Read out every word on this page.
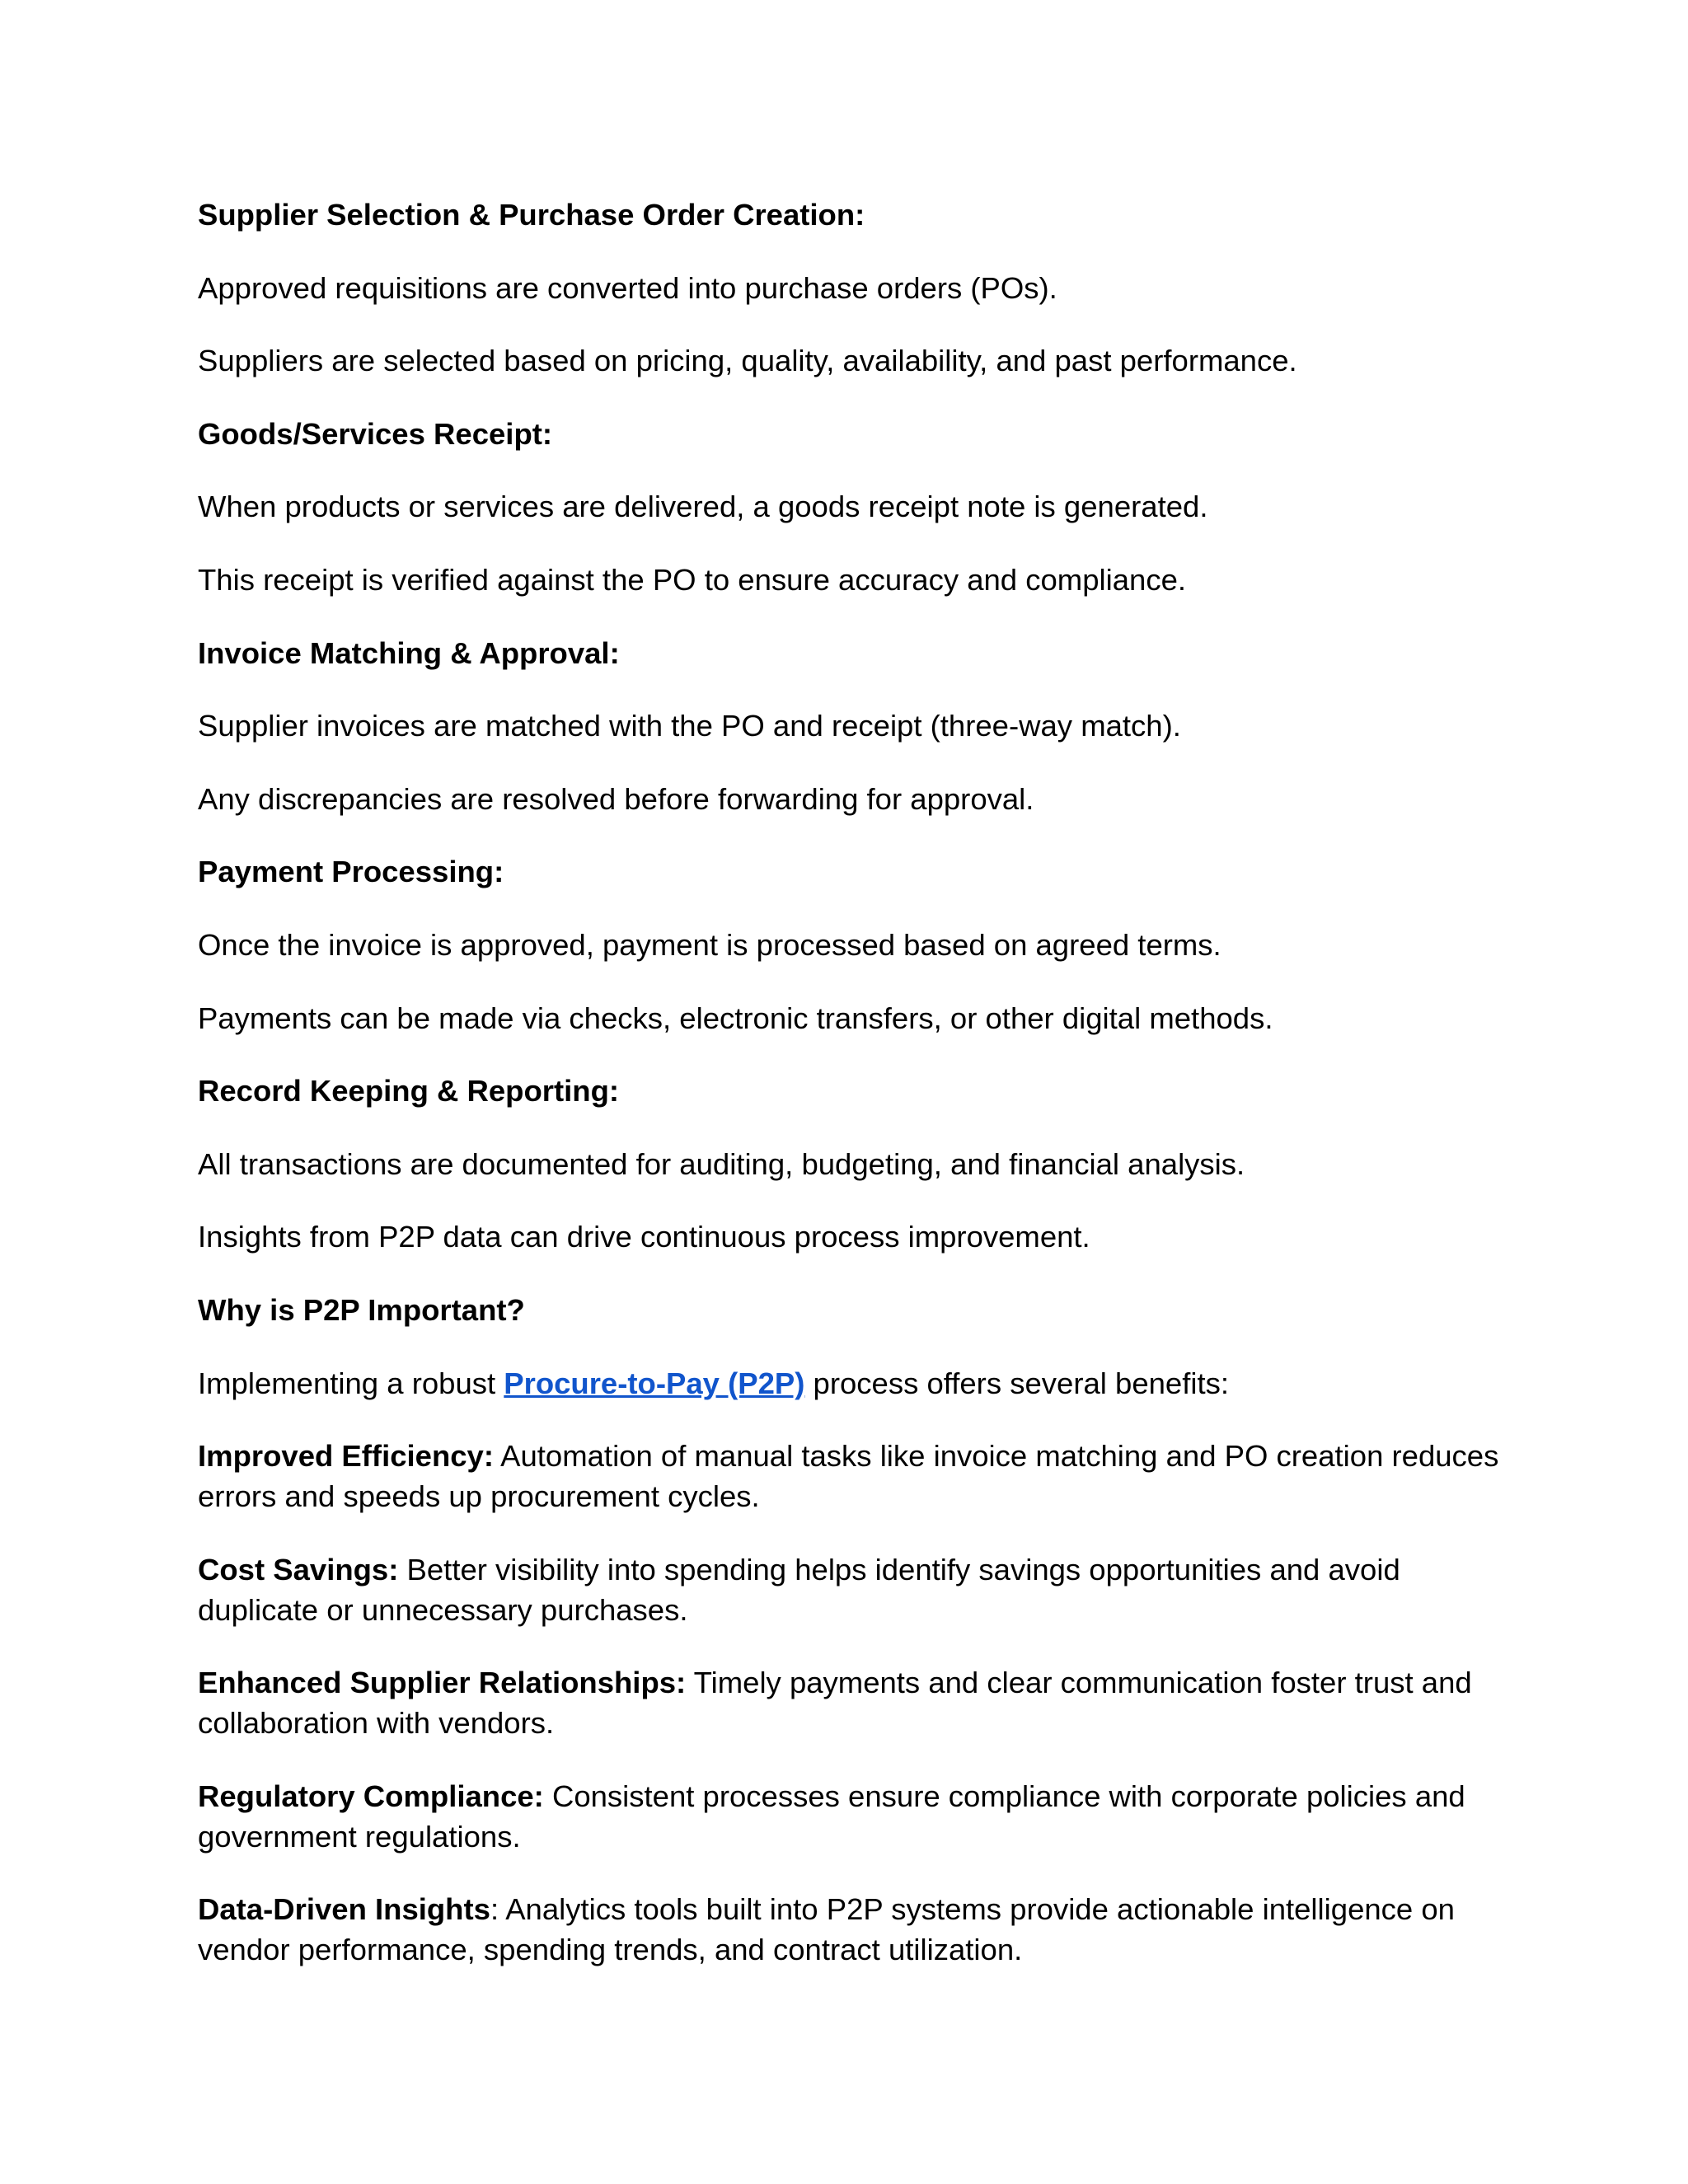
Supplier Selection & Purchase Order Creation:

Approved requisitions are converted into purchase orders (POs).

Suppliers are selected based on pricing, quality, availability, and past performance.

Goods/Services Receipt:

When products or services are delivered, a goods receipt note is generated.

This receipt is verified against the PO to ensure accuracy and compliance.

Invoice Matching & Approval:

Supplier invoices are matched with the PO and receipt (three-way match).

Any discrepancies are resolved before forwarding for approval.

Payment Processing:

Once the invoice is approved, payment is processed based on agreed terms.

Payments can be made via checks, electronic transfers, or other digital methods.

Record Keeping & Reporting:

All transactions are documented for auditing, budgeting, and financial analysis.

Insights from P2P data can drive continuous process improvement.

Why is P2P Important?

Implementing a robust Procure-to-Pay (P2P) process offers several benefits:

Improved Efficiency: Automation of manual tasks like invoice matching and PO creation reduces errors and speeds up procurement cycles.

Cost Savings: Better visibility into spending helps identify savings opportunities and avoid duplicate or unnecessary purchases.

Enhanced Supplier Relationships: Timely payments and clear communication foster trust and collaboration with vendors.

Regulatory Compliance: Consistent processes ensure compliance with corporate policies and government regulations.

Data-Driven Insights: Analytics tools built into P2P systems provide actionable intelligence on vendor performance, spending trends, and contract utilization.
